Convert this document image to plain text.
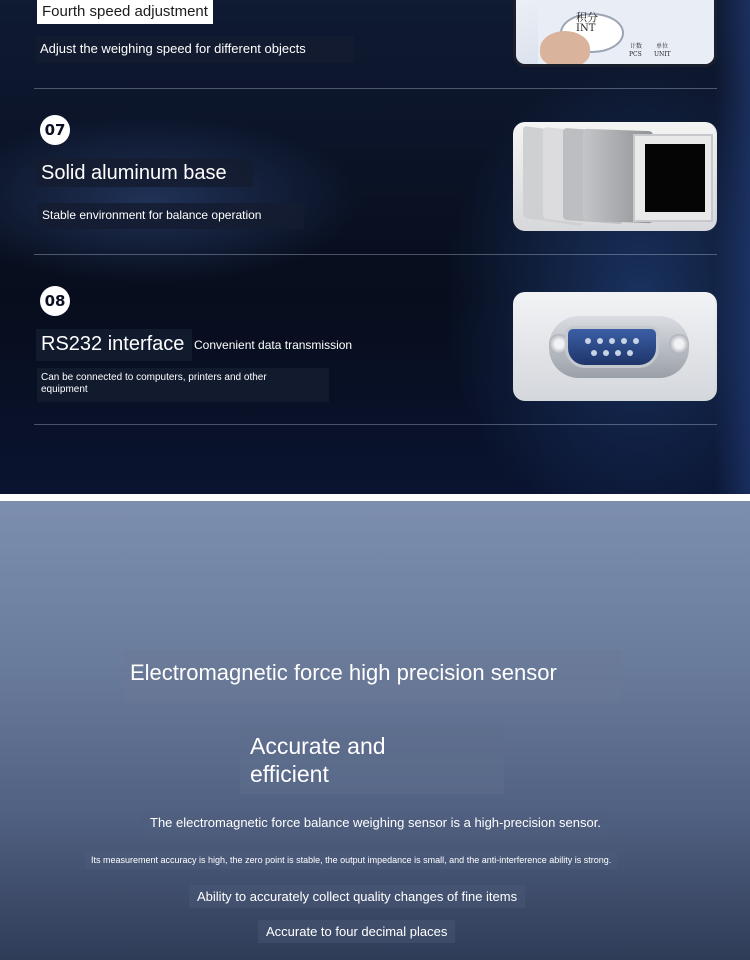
Fourth speed adjustment
Adjust the weighing speed for different objects
积分
INT
计数
PCS
单位
UNIT
07
Solid aluminum base
Stable environment for balance operation
08
RS232 interface Convenient data transmission
Can be connected to computers, printers and other equipment
Electromagnetic force high precision sensor
Accurate and efficient
The electromagnetic force balance weighing sensor is a high-precision sensor.
Its measurement accuracy is high, the zero point is stable, the output impedance is small, and the anti-interference ability is strong.
Ability to accurately collect quality changes of fine items
Accurate to four decimal places
